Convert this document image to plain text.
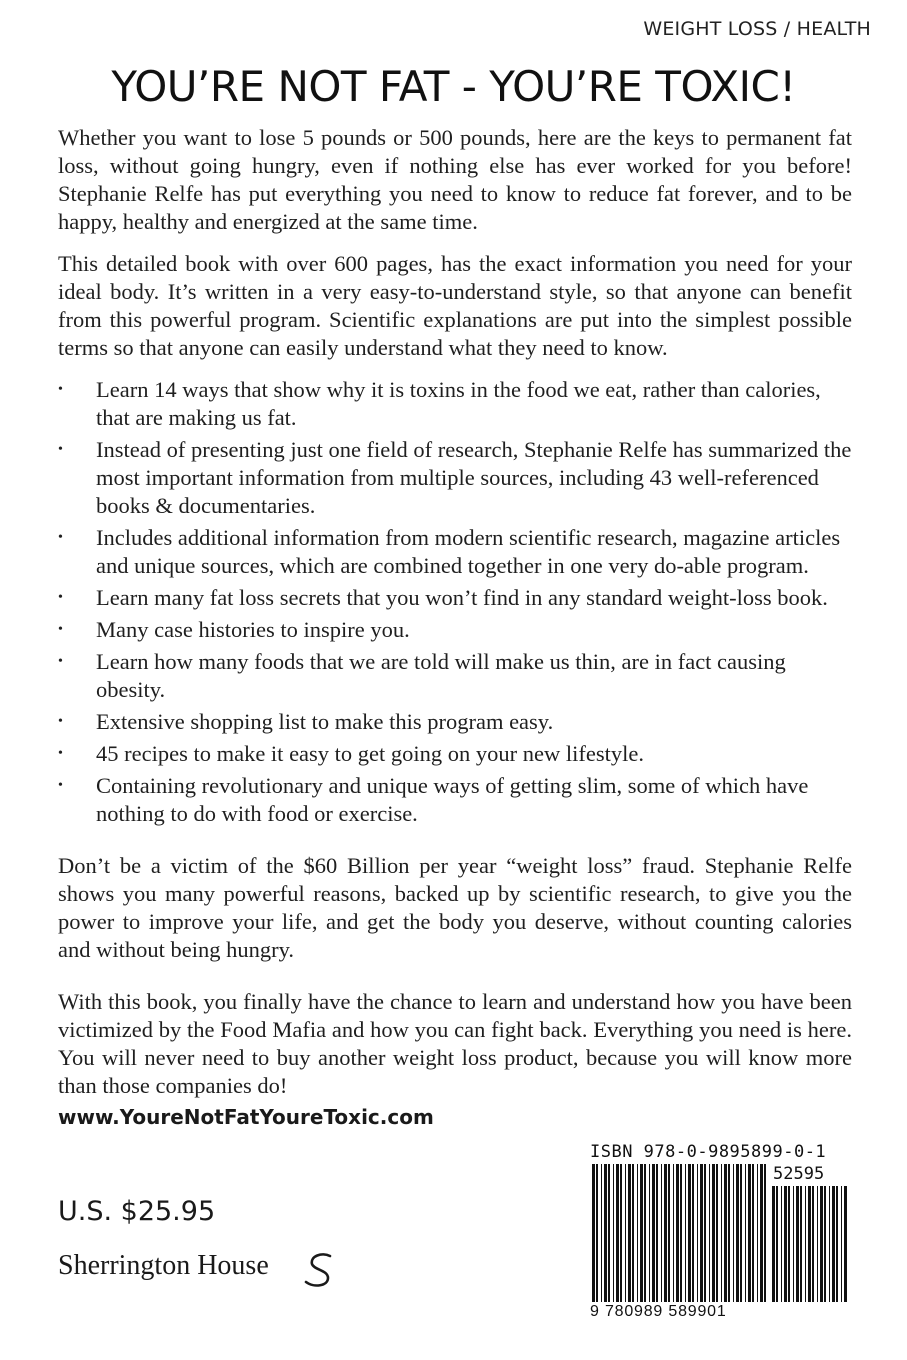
WEIGHT LOSS / HEALTH
YOU’RE NOT FAT - YOU’RE TOXIC!

Whether you want to lose 5 pounds or 500 pounds, here are the keys to permanent fat loss, without going hungry, even if nothing else has ever worked for you before! Stephanie Relfe has put everything you need to know to reduce fat forever, and to be happy, healthy and energized at the same time.

This detailed book with over 600 pages, has the exact information you need for your ideal body. It’s written in a very easy-to-understand style, so that anyone can benefit from this powerful program. Scientific explanations are put into the simplest possible terms so that anyone can easily understand what they need to know.

• Learn 14 ways that show why it is toxins in the food we eat, rather than calories, that are making us fat.
• Instead of presenting just one field of research, Stephanie Relfe has summarized the most important information from multiple sources, including 43 well-referenced books & documentaries.
• Includes additional information from modern scientific research, magazine articles and unique sources, which are combined together in one very do-able program.
• Learn many fat loss secrets that you won’t find in any standard weight-loss book.
• Many case histories to inspire you.
• Learn how many foods that we are told will make us thin, are in fact causing obesity.
• Extensive shopping list to make this program easy.
• 45 recipes to make it easy to get going on your new lifestyle.
• Containing revolutionary and unique ways of getting slim, some of which have nothing to do with food or exercise.

Don’t be a victim of the $60 Billion per year “weight loss” fraud. Stephanie Relfe shows you many powerful reasons, backed up by scientific research, to give you the power to improve your life, and get the body you deserve, without counting calories and without being hungry.

With this book, you finally have the chance to learn and understand how you have been victimized by the Food Mafia and how you can fight back. Everything you need is here. You will never need to buy another weight loss product, because you will know more than those companies do!

www.YoureNotFatYoureToxic.com
U.S. $25.95
Sherrington House
ISBN 978-0-9895899-0-1
52595
9 780989 589901
